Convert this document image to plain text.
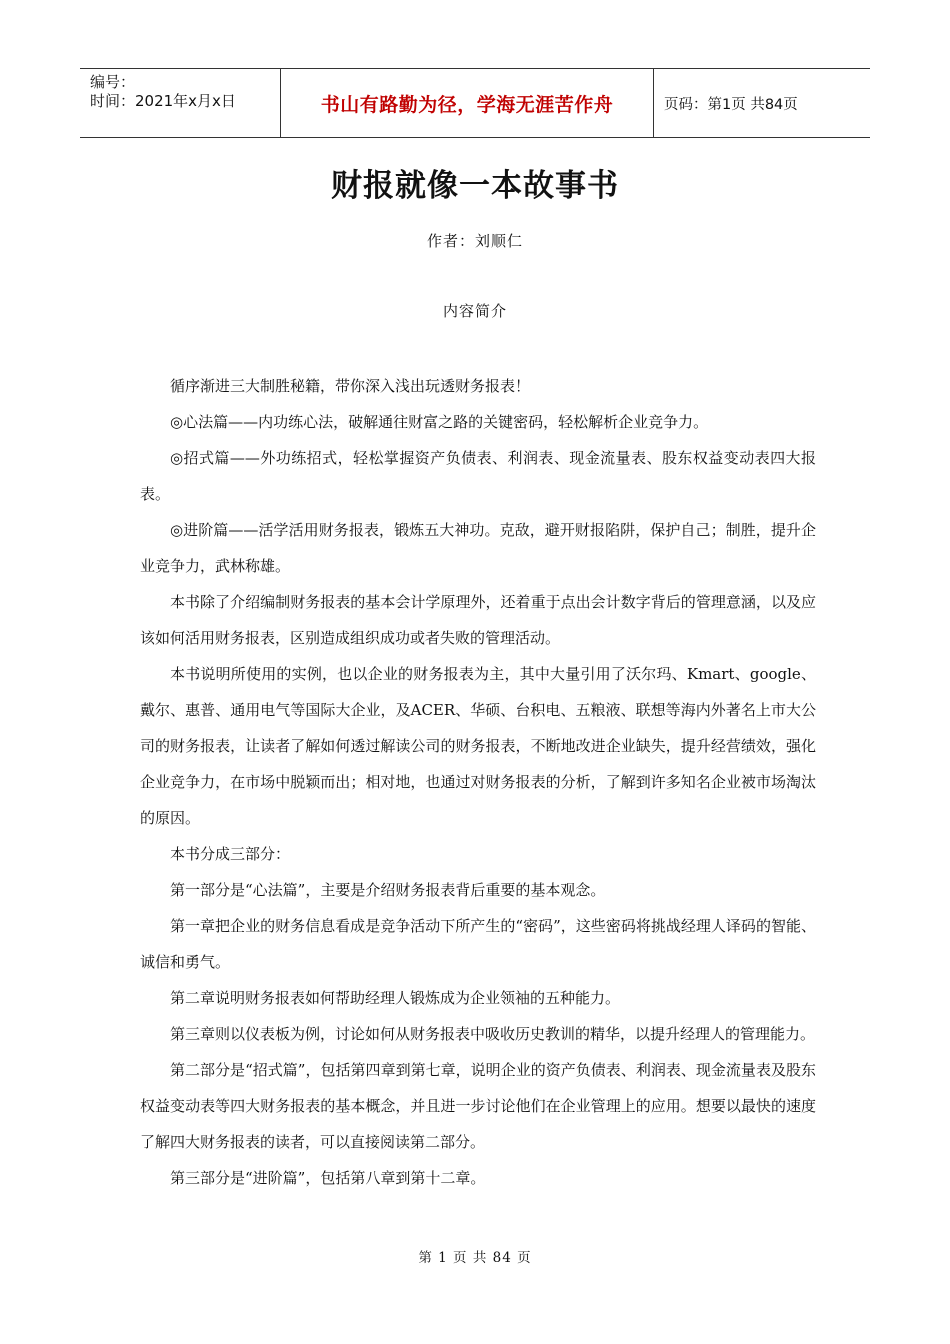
编号：
时间：2021年x月x日	书山有路勤为径，学海无涯苦作舟	页码：第1页 共84页
财报就像一本故事书
作者：刘顺仁
内容简介

循序渐进三大制胜秘籍，带你深入浅出玩透财务报表！

◎心法篇——内功练心法，破解通往财富之路的关键密码，轻松解析企业竞争力。

◎招式篇——外功练招式，轻松掌握资产负债表、利润表、现金流量表、股东权益变动表四大报表。

◎进阶篇——活学活用财务报表，锻炼五大神功。克敌，避开财报陷阱，保护自己；制胜，提升企业竞争力，武林称雄。

本书除了介绍编制财务报表的基本会计学原理外，还着重于点出会计数字背后的管理意涵，以及应该如何活用财务报表，区别造成组织成功或者失败的管理活动。

本书说明所使用的实例，也以企业的财务报表为主，其中大量引用了沃尔玛、Kmart、google、戴尔、惠普、通用电气等国际大企业，及ACER、华硕、台积电、五粮液、联想等海内外著名上市大公司的财务报表，让读者了解如何透过解读公司的财务报表，不断地改进企业缺失，提升经营绩效，强化企业竞争力，在市场中脱颖而出；相对地，也通过对财务报表的分析，了解到许多知名企业被市场淘汰的原因。

本书分成三部分：

第一部分是“心法篇”，主要是介绍财务报表背后重要的基本观念。

第一章把企业的财务信息看成是竞争活动下所产生的“密码”，这些密码将挑战经理人译码的智能、诚信和勇气。

第二章说明财务报表如何帮助经理人锻炼成为企业领袖的五种能力。

第三章则以仪表板为例，讨论如何从财务报表中吸收历史教训的精华，以提升经理人的管理能力。

第二部分是“招式篇”，包括第四章到第七章，说明企业的资产负债表、利润表、现金流量表及股东权益变动表等四大财务报表的基本概念，并且进一步讨论他们在企业管理上的应用。想要以最快的速度了解四大财务报表的读者，可以直接阅读第二部分。

第三部分是“进阶篇”，包括第八章到第十二章。

第 1 页 共 84 页
